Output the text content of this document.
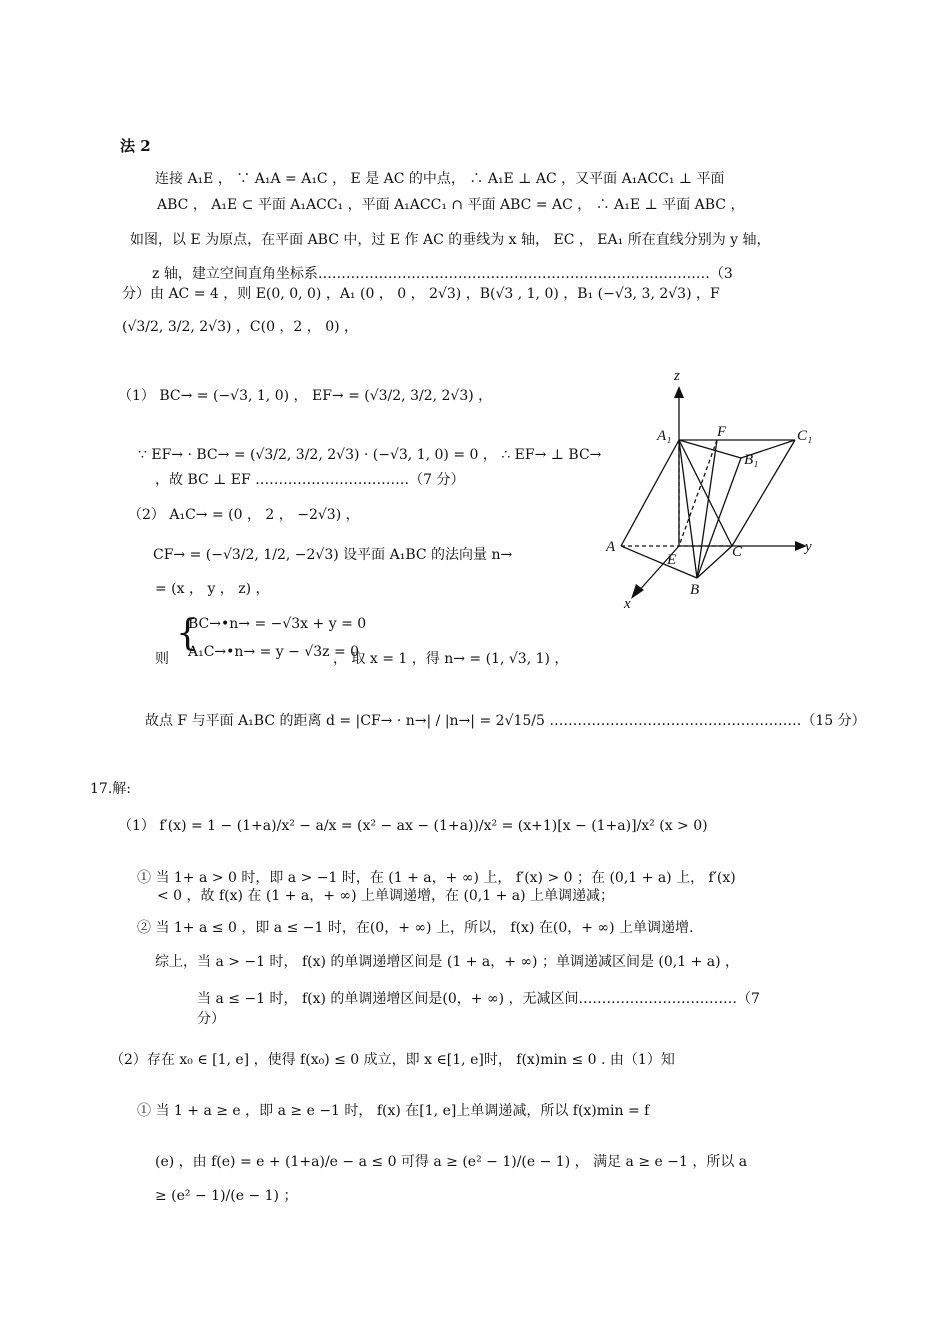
法 2
连接 A₁E ， ∵ A₁A = A₁C ， E 是 AC 的中点， ∴ A₁E ⊥ AC ，又平面 A₁ACC₁ ⊥ 平面
ABC ， A₁E ⊂ 平面 A₁ACC₁ ，平面 A₁ACC₁ ∩ 平面 ABC = AC ， ∴ A₁E ⊥ 平面 ABC ，
如图，以 E 为原点，在平面 ABC 中，过 E 作 AC 的垂线为 x 轴， EC ， EA₁ 所在直线分别为 y 轴，
z 轴，建立空间直角坐标系…………………………………………………………………………（3
分）由 AC = 4 ，则 E(0, 0, 0) ，A₁ (0 ， 0 ， 2√3) ，B(√3 , 1, 0) ，B₁ (−√3, 3, 2√3) ，F
(√3/2, 3/2, 2√3) ，C(0 ，2 ， 0) ，
（1） BC→ = (−√3, 1, 0) ， EF→ = (√3/2, 3/2, 2√3) ，
∵ EF→ · BC→ = (√3/2, 3/2, 2√3) · (−√3, 1, 0) = 0 ， ∴ EF→ ⊥ BC→
，故 BC ⊥ EF ……………………………（7 分）
（2） A₁C→ = (0 ， 2 ， −2√3) ，
CF→ = (−√3/2, 1/2, −2√3) 设平面 A₁BC 的法向量 n→
= (x ， y ， z) ，
{
BC→•n→ = −√3x + y = 0
A₁C→•n→ = y − √3z = 0
则	， 取 x = 1 ，得 n→ = (1, √3, 1) ，
故点 F 与平面 A₁BC 的距离 d = |CF→ · n→| / |n→| = 2√15/5 ………………………………………………（15 分）
z
A₁	F	C₁
B₁
A
E	C	y
B
x
17.解:
（1） f′(x) = 1 − (1+a)/x² − a/x = (x² − ax − (1+a))/x² = (x+1)[x − (1+a)]/x² (x > 0)
① 当 1+ a > 0 时，即 a > −1 时，在 (1 + a，+ ∞) 上， f′(x) > 0 ；在 (0,1 + a) 上， f′(x)
< 0 ，故 f(x) 在 (1 + a，+ ∞) 上单调递增，在 (0,1 + a) 上单调递减；
② 当 1+ a ≤ 0 ，即 a ≤ −1 时，在(0，+ ∞) 上，所以， f(x) 在(0，+ ∞) 上单调递增.
综上，当 a > −1 时， f(x) 的单调递增区间是 (1 + a，+ ∞) ；单调递减区间是 (0,1 + a) ，
当 a ≤ −1 时， f(x) 的单调递增区间是(0，+ ∞) ，无减区间.……………………………（7
分）
（2）存在 x₀ ∈ [1, e] ，使得 f(x₀) ≤ 0 成立，即 x ∈[1, e]时， f(x)min ≤ 0 . 由（1）知
① 当 1 + a ≥ e ，即 a ≥ e −1 时， f(x) 在[1, e]上单调递减，所以 f(x)min = f
(e) ，由 f(e) = e + (1+a)/e − a ≤ 0 可得 a ≥ (e² − 1)/(e − 1) ， 满足 a ≥ e −1 ，所以 a
≥ (e² − 1)/(e − 1) ；
